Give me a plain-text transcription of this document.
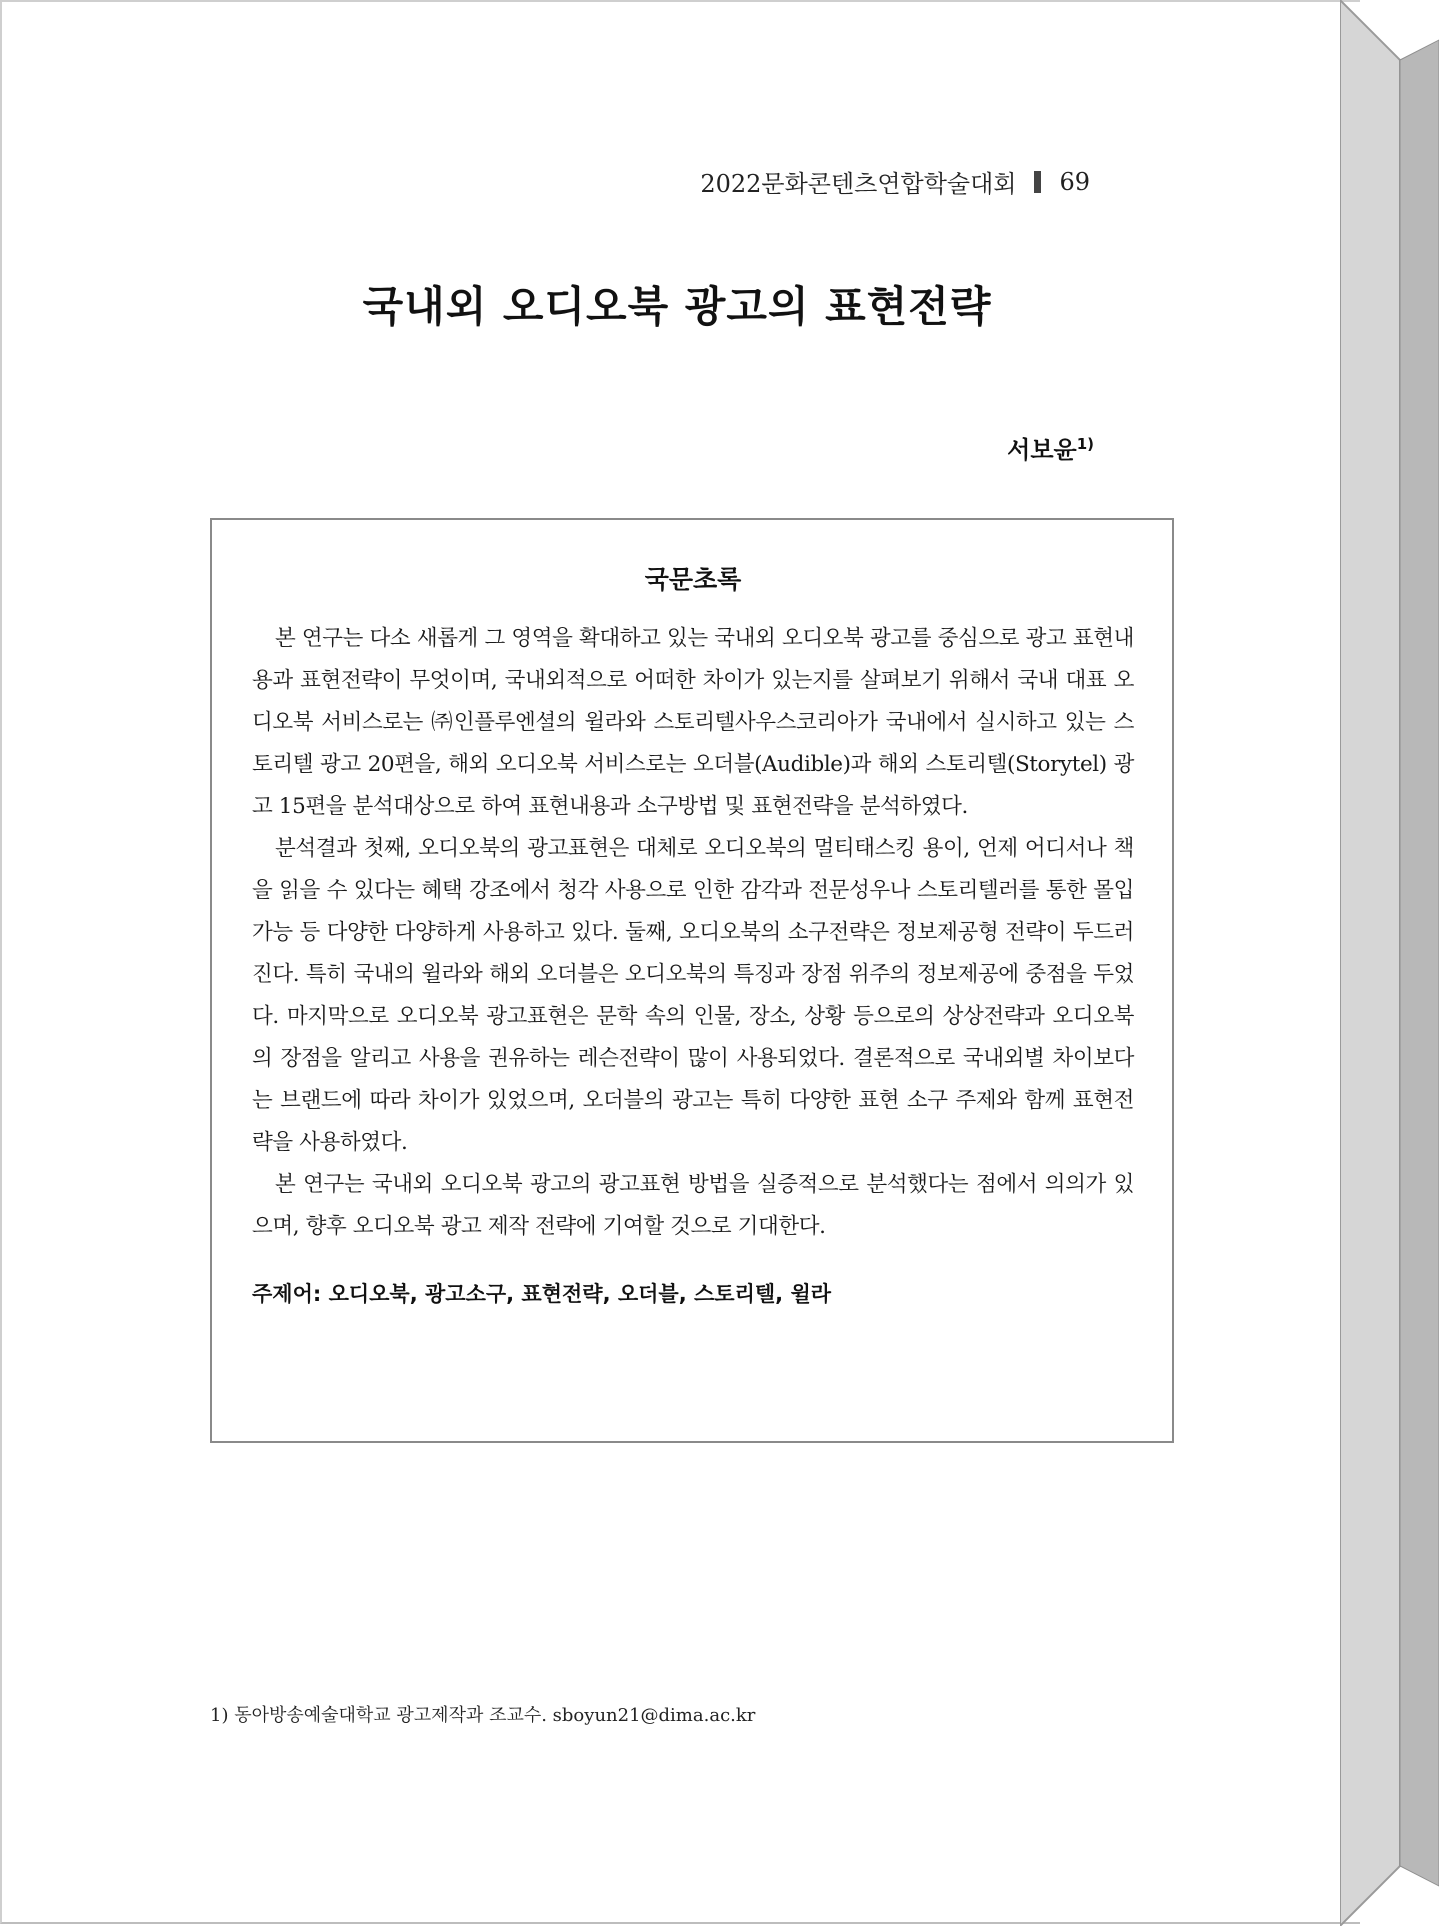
2022문화콘텐츠연합학술대회 69
국내외 오디오북 광고의 표현전략
서보윤$^{1)}$
국문초록

본 연구는 다소 새롭게 그 영역을 확대하고 있는 국내외 오디오북 광고를 중심으로 광고 표현내용과 표현전략이 무엇이며, 국내외적으로 어떠한 차이가 있는지를 살펴보기 위해서 국내 대표 오디오북 서비스로는 ㈜인플루엔셜의 윌라와 스토리텔사우스코리아가 국내에서 실시하고 있는 스토리텔 광고 20편을, 해외 오디오북 서비스로는 오더블(Audible)과 해외 스토리텔(Storytel) 광고 15편을 분석대상으로 하여 표현내용과 소구방법 및 표현전략을 분석하였다.

분석결과 첫째, 오디오북의 광고표현은 대체로 오디오북의 멀티태스킹 용이, 언제 어디서나 책을 읽을 수 있다는 혜택 강조에서 청각 사용으로 인한 감각과 전문성우나 스토리텔러를 통한 몰입 가능 등 다양한 다양하게 사용하고 있다. 둘째, 오디오북의 소구전략은 정보제공형 전략이 두드러진다. 특히 국내의 윌라와 해외 오더블은 오디오북의 특징과 장점 위주의 정보제공에 중점을 두었다. 마지막으로 오디오북 광고표현은 문학 속의 인물, 장소, 상황 등으로의 상상전략과 오디오북의 장점을 알리고 사용을 권유하는 레슨전략이 많이 사용되었다. 결론적으로 국내외별 차이보다는 브랜드에 따라 차이가 있었으며, 오더블의 광고는 특히 다양한 표현 소구 주제와 함께 표현전략을 사용하였다.

본 연구는 국내외 오디오북 광고의 광고표현 방법을 실증적으로 분석했다는 점에서 의의가 있으며, 향후 오디오북 광고 제작 전략에 기여할 것으로 기대한다.

주제어: 오디오북, 광고소구, 표현전략, 오더블, 스토리텔, 윌라
1) 동아방송예술대학교 광고제작과 조교수. sboyun21@dima.ac.kr
